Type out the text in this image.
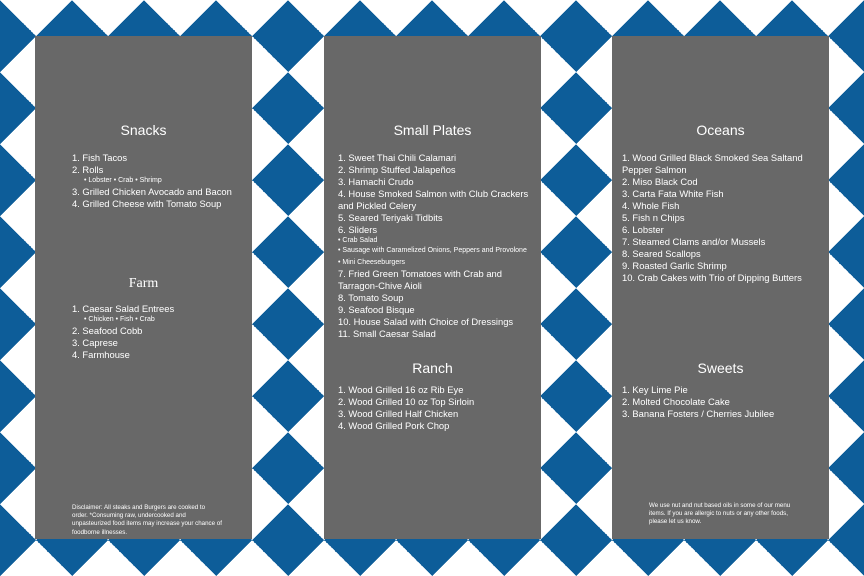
Snacks
1. Fish Tacos
2. Rolls
• Lobster • Crab • Shrimp
3. Grilled Chicken Avocado and Bacon
4. Grilled Cheese with Tomato Soup
Farm
1. Caesar Salad Entrees
• Chicken • Fish • Crab
2. Seafood Cobb
3. Caprese
4. Farmhouse

Disclaimer: All steaks and Burgers are cooked to order. *Consuming raw, undercooked and unpasteurized food items may increase your chance of foodborne illnesses.

Small Plates
1. Sweet Thai Chili Calamari
2. Shrimp Stuffed Jalapeños
3. Hamachi Crudo
4. House Smoked Salmon with Club Crackers and Pickled Celery
5. Seared Teriyaki Tidbits
6. Sliders
• Crab Salad
• Sausage with Caramelized Onions, Peppers and Provolone
• Mini Cheeseburgers
7. Fried Green Tomatoes with Crab and Tarragon-Chive Aioli
8. Tomato Soup
9. Seafood Bisque
10. House Salad with Choice of Dressings
11. Small Caesar Salad
Ranch
1. Wood Grilled 16 oz Rib Eye
2. Wood Grilled 10 oz Top Sirloin
3. Wood Grilled Half Chicken
4. Wood Grilled Pork Chop
Oceans
1. Wood Grilled Black Smoked Sea Saltand Pepper Salmon
2. Miso Black Cod
3. Carta Fata White Fish
4. Whole Fish
5. Fish n Chips
6. Lobster
7. Steamed Clams and/or Mussels
8. Seared Scallops
9. Roasted Garlic Shrimp
10. Crab Cakes with Trio of Dipping Butters
Sweets
1. Key Lime Pie
2. Molted Chocolate Cake
3. Banana Fosters / Cherries Jubilee

We use nut and nut based oils in some of our menu items. If you are allergic to nuts or any other foods, please let us know.
